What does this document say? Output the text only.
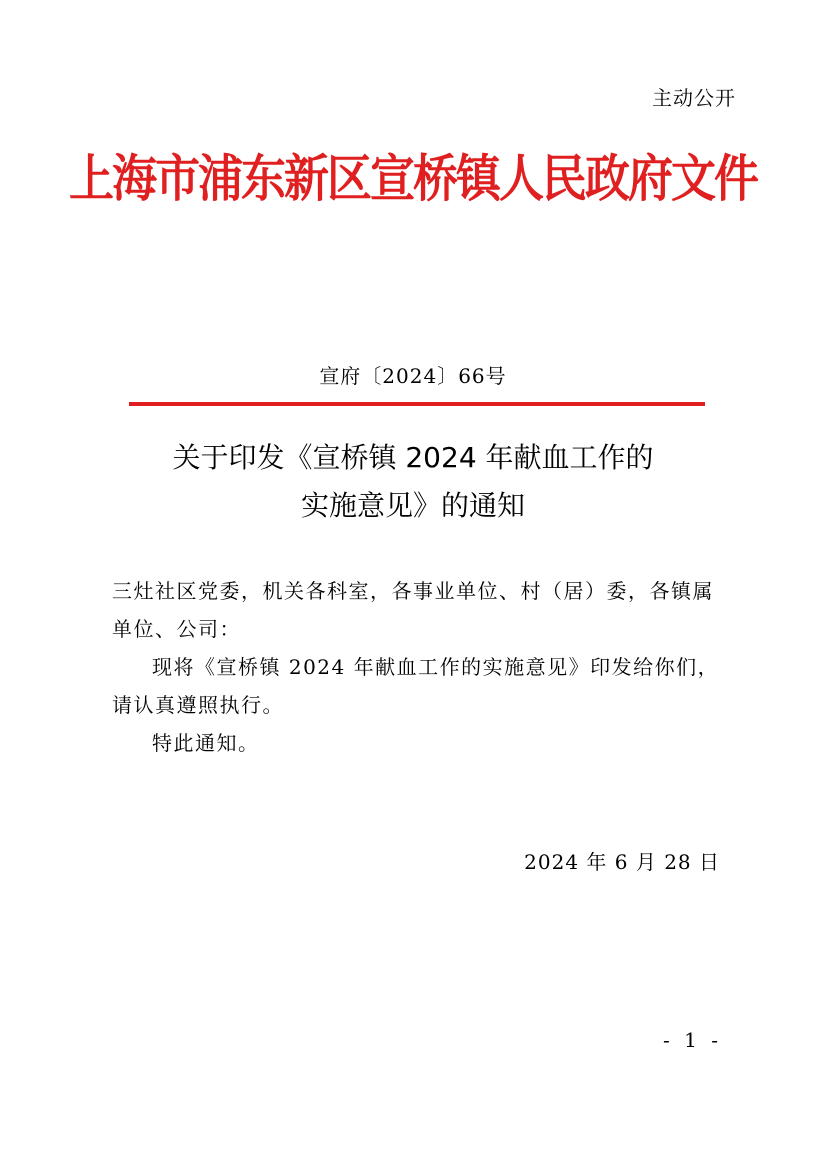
主动公开
上海市浦东新区宣桥镇人民政府文件
宣府〔2024〕66号
关于印发《宣桥镇 2024 年献血工作的
实施意见》的通知

三灶社区党委，机关各科室，各事业单位、村（居）委，各镇属单位、公司：

现将《宣桥镇 2024 年献血工作的实施意见》印发给你们，请认真遵照执行。

特此通知。

2024 年 6 月 28 日
- 1 -
